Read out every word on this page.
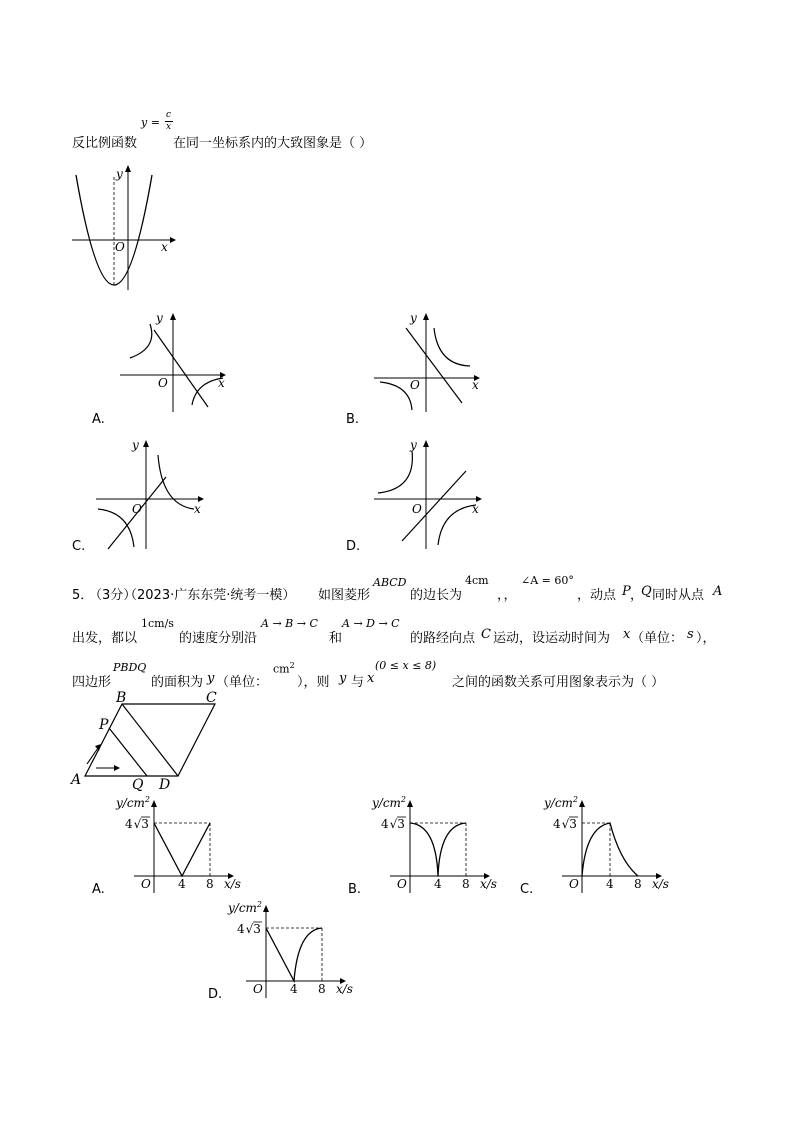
反比例函数
y =
c
x
在同一坐标系内的大致图象是（ ）
y
x
O
y
x
O
A.
y
x
O
B.
y
x
O
C.
y
x
O
D.
5．
（3分）
（2023·广东东莞·统考一模） 如图菱形
ABCD
的边长为
4cm
，，
∠A = 60°
，动点 P ，
Q 同时从点 A
出发，都以
1cm/s
的速度分别沿
A → B → C
和
A → D → C
的路经向点 C 运动，设运动时间为 x （单位： s ），
四边形
PBDQ
的面积为 y （单位：
$cm^2$
），则 y 与 x
(0 ≤ x ≤ 8)
之间的函数关系可用图象表示为（ ）
B	C
P
A	Q D
$y/cm^2$
4√3
O 4 8 x/s
A.
$y/cm^2$
4√3
O 4 8 x/s
B.
$y/cm^2$
4√3
O 4 8 x/s
C.
$y/cm^2$
4√3
O 4 8 x/s
D.
